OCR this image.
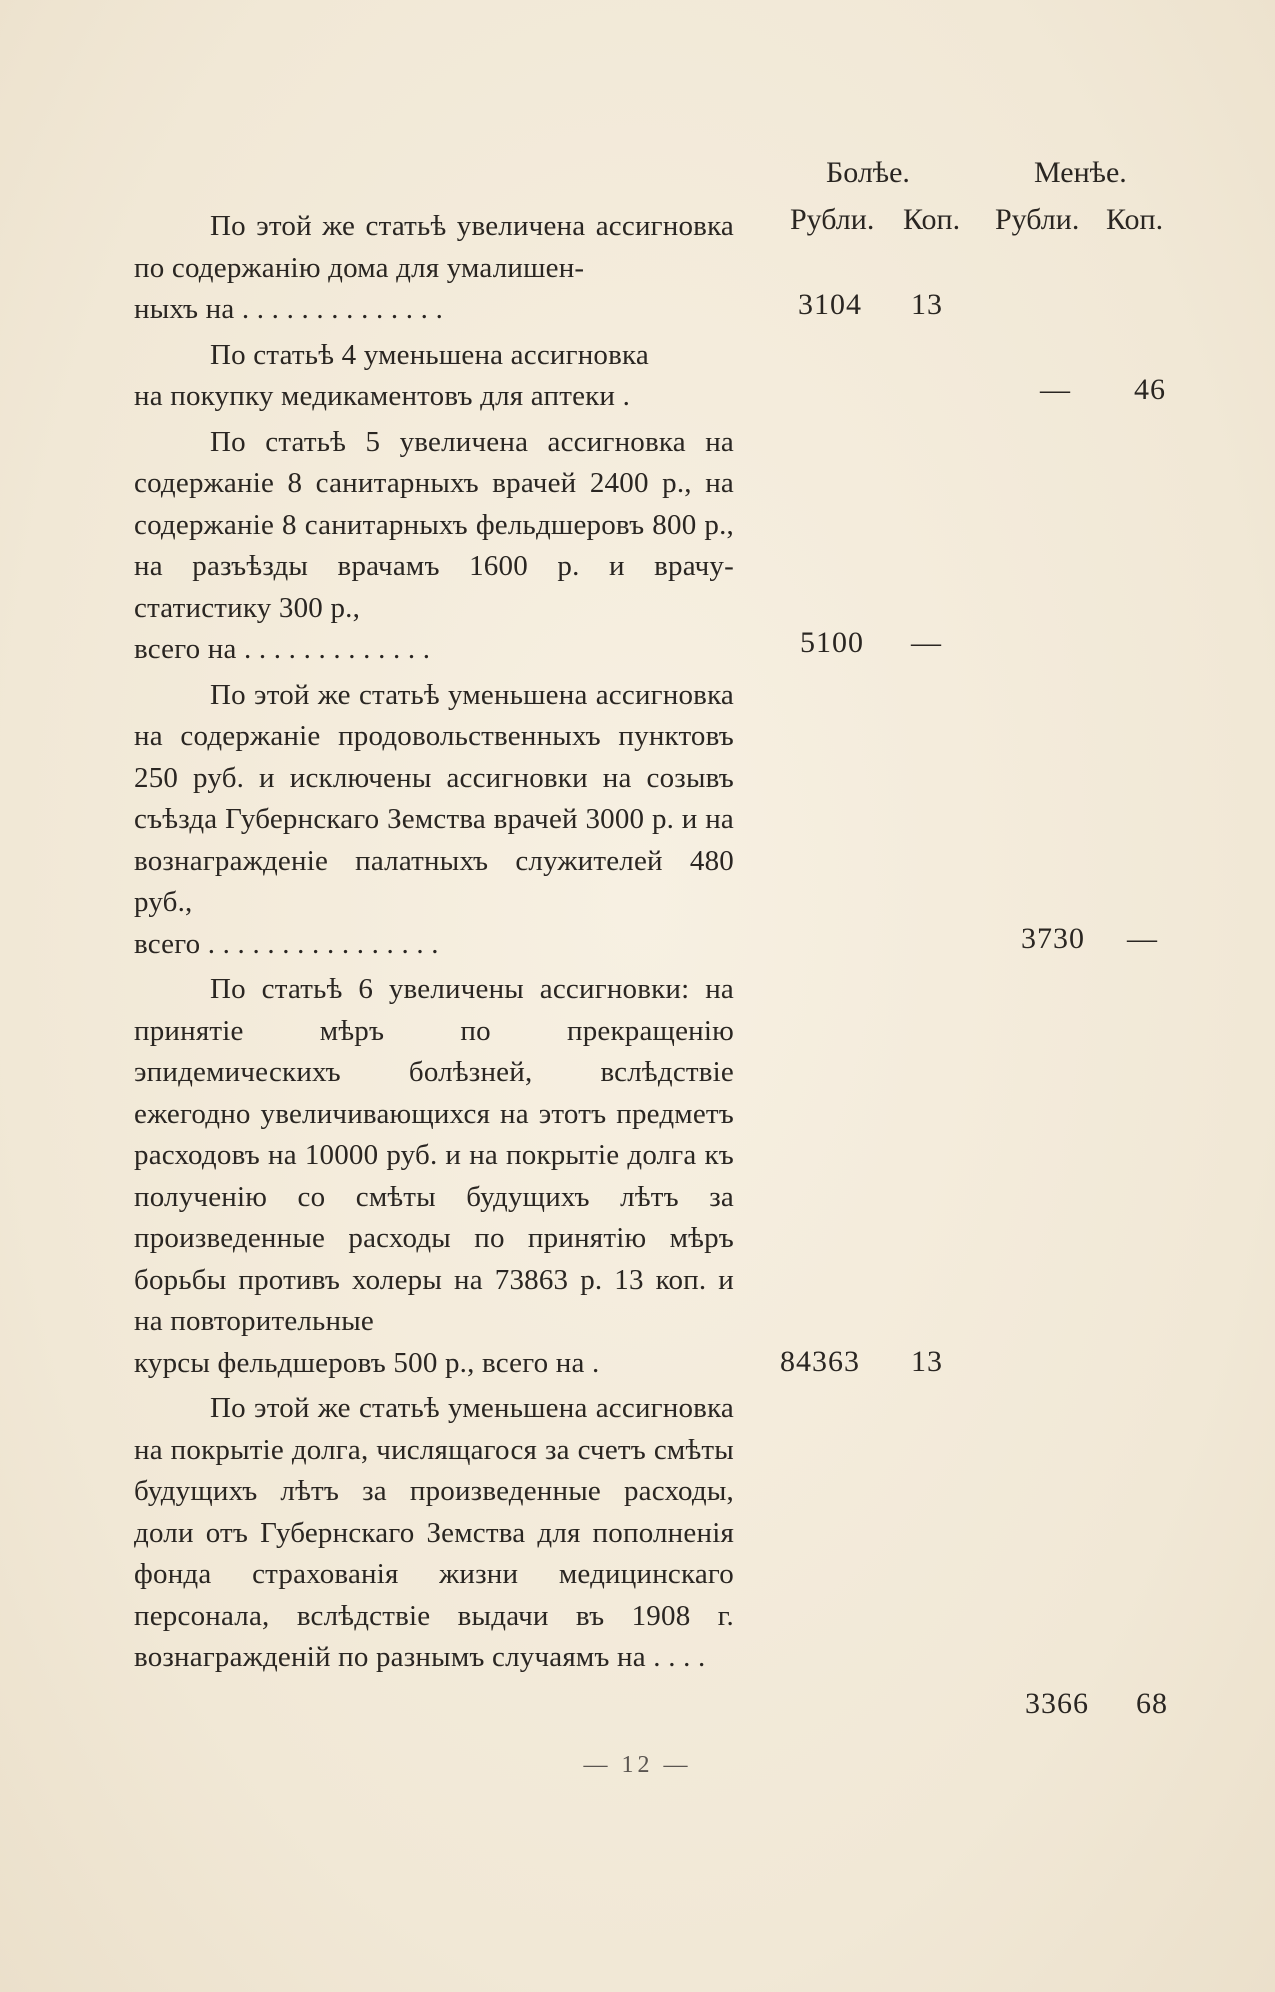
Болѣе.	Менѣе.
Рубли. Коп. Рубли. Коп.

По этой же статьѣ увеличена ассигновка по содержанію дома для умалишен-
ныхъ на . . . . . . . . . . . . . .

По статьѣ 4 уменьшена ассигновка
на покупку медикаментовъ для аптеки .

По статьѣ 5 увеличена ассигновка на содержаніе 8 санитарныхъ врачей 2400 р., на содержаніе 8 санитарныхъ фельдшеровъ 800 р., на разъѣзды врачамъ 1600 р. и врачу-статистику 300 р.,
всего на . . . . . . . . . . . . .

По этой же статьѣ уменьшена ассигновка на содержаніе продовольственныхъ пунктовъ 250 руб. и исключены ассигновки на созывъ съѣзда Губернскаго Земства врачей 3000 р. и на вознагражденіе палатныхъ служителей 480 руб.,
всего . . . . . . . . . . . . . . . .

По статьѣ 6 увеличены ассигновки: на принятіе мѣръ по прекращенію эпидемическихъ болѣзней, вслѣдствіе ежегодно увеличивающихся на этотъ предметъ расходовъ на 10000 руб. и на покрытіе долга къ полученію со смѣты будущихъ лѣтъ за произведенные расходы по принятію мѣръ борьбы противъ холеры на 73863 р. 13 коп. и на повторительные
курсы фельдшеровъ 500 р., всего на .

По этой же статьѣ уменьшена ассигновка на покрытіе долга, числящагося за счетъ смѣты будущихъ лѣтъ за произведенные расходы, доли отъ Губернскаго Земства для пополненія фонда страхованія жизни медицинскаго персонала, вслѣдствіе выдачи въ 1908 г. вознагражденій по разнымъ случаямъ на . . . .

3104 13
— 46
5100 —
3730 —
84363 13
3366 68
— 12 —
